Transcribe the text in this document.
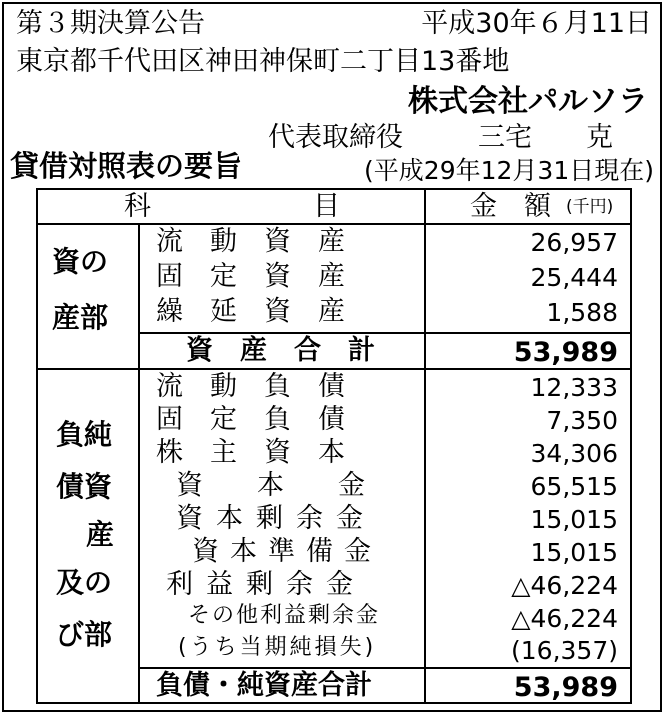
第３期決算公告	平成30年６月11日
東京都千代田区神田神保町二丁目13番地
株式会社パルソラ
代表取締役	三宅　　克
貸借対照表の要旨	(平成29年12月31日現在)
科　　　　　　目	金　額 (千円)
資の
産部
流　動　資　産	26,957
固　定　資　産	25,444
繰　延　資　産	1,588
資　産　合　計	53,989
負純
債資
産
及の
び部
流　動　負　債	12,333
固　定　負　債	7,350
株　主　資　本	34,306
資　　本　　金	65,515
資本剰余金	15,015
資本準備金	15,015
利益剰余金	△46,224
その他利益剰余金	△46,224
(うち当期純損失)	(16,357)
負債・純資産合計	53,989
